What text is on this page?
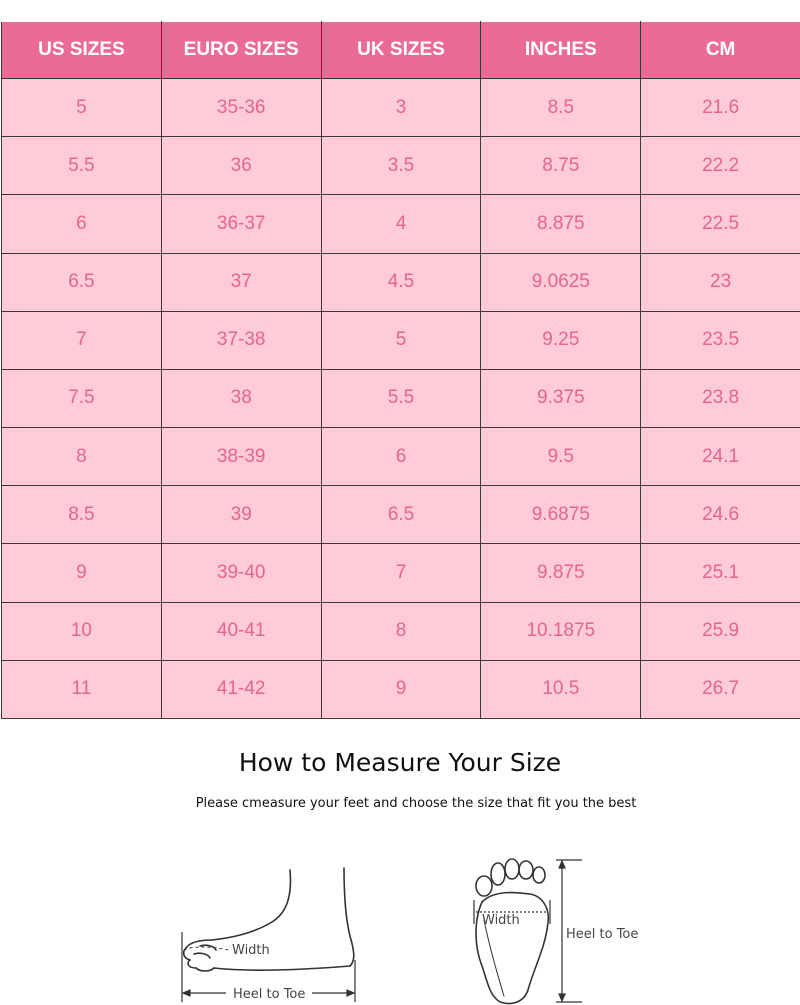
US SIZES	EURO SIZES	UK SIZES	INCHES	CM
5	35-36	3	8.5	21.6
5.5	36	3.5	8.75	22.2
6	36-37	4	8.875	22.5
6.5	37	4.5	9.0625	23
7	37-38	5	9.25	23.5
7.5	38	5.5	9.375	23.8
8	38-39	6	9.5	24.1
8.5	39	6.5	9.6875	24.6
9	39-40	7	9.875	25.1
10	40-41	8	10.1875	25.9
11	41-42	9	10.5	26.7
How to Measure Your Size
Please cmeasure your feet and choose the size that fit you the best
Width
Heel to Toe
Width
Heel to Toe
